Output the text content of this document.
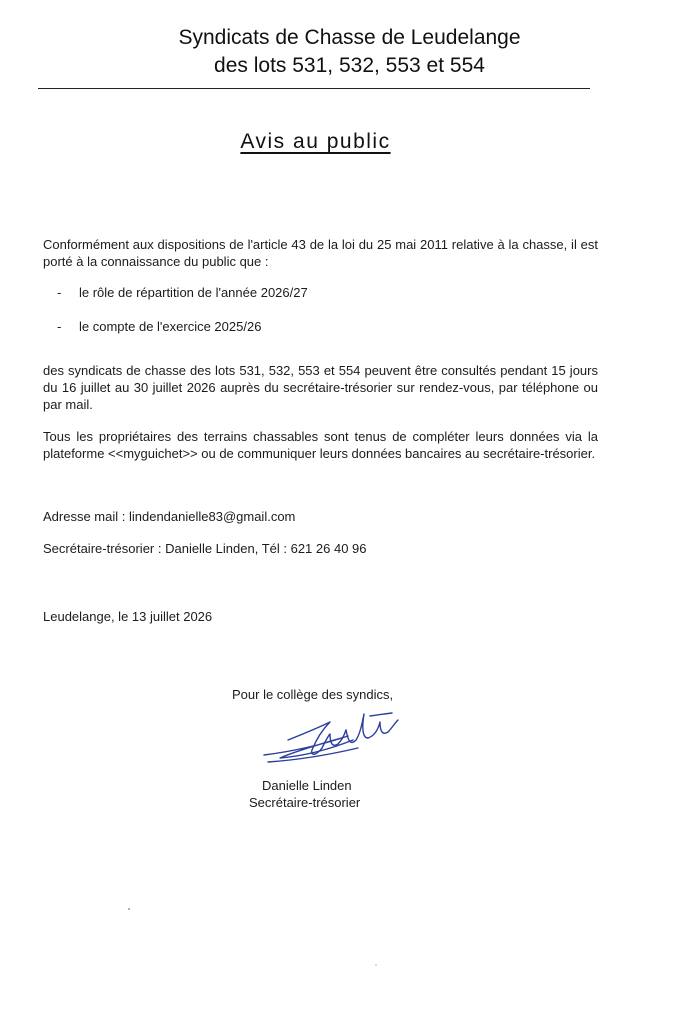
Syndicats de Chasse de Leudelange
des lots 531, 532, 553 et 554
Avis au public
Conformément aux dispositions de l'article 43 de la loi du 25 mai 2011 relative à la chasse, il est porté à la connaissance du public que :
- le rôle de répartition de l'année 2026/27
- le compte de l'exercice 2025/26
des syndicats de chasse des lots 531, 532, 553 et 554 peuvent être consultés pendant 15 jours du 16 juillet au 30 juillet 2026 auprès du secrétaire-trésorier sur rendez-vous, par téléphone ou par mail.
Tous les propriétaires des terrains chassables sont tenus de compléter leurs données via la plateforme <<myguichet>> ou de communiquer leurs données bancaires au secrétaire-trésorier.
Adresse mail : lindendanielle83@gmail.com
Secrétaire-trésorier : Danielle Linden, Tél : 621 26 40 96
Leudelange, le 13 juillet 2026
Pour le collège des syndics,
Danielle Linden
Secrétaire-trésorier
